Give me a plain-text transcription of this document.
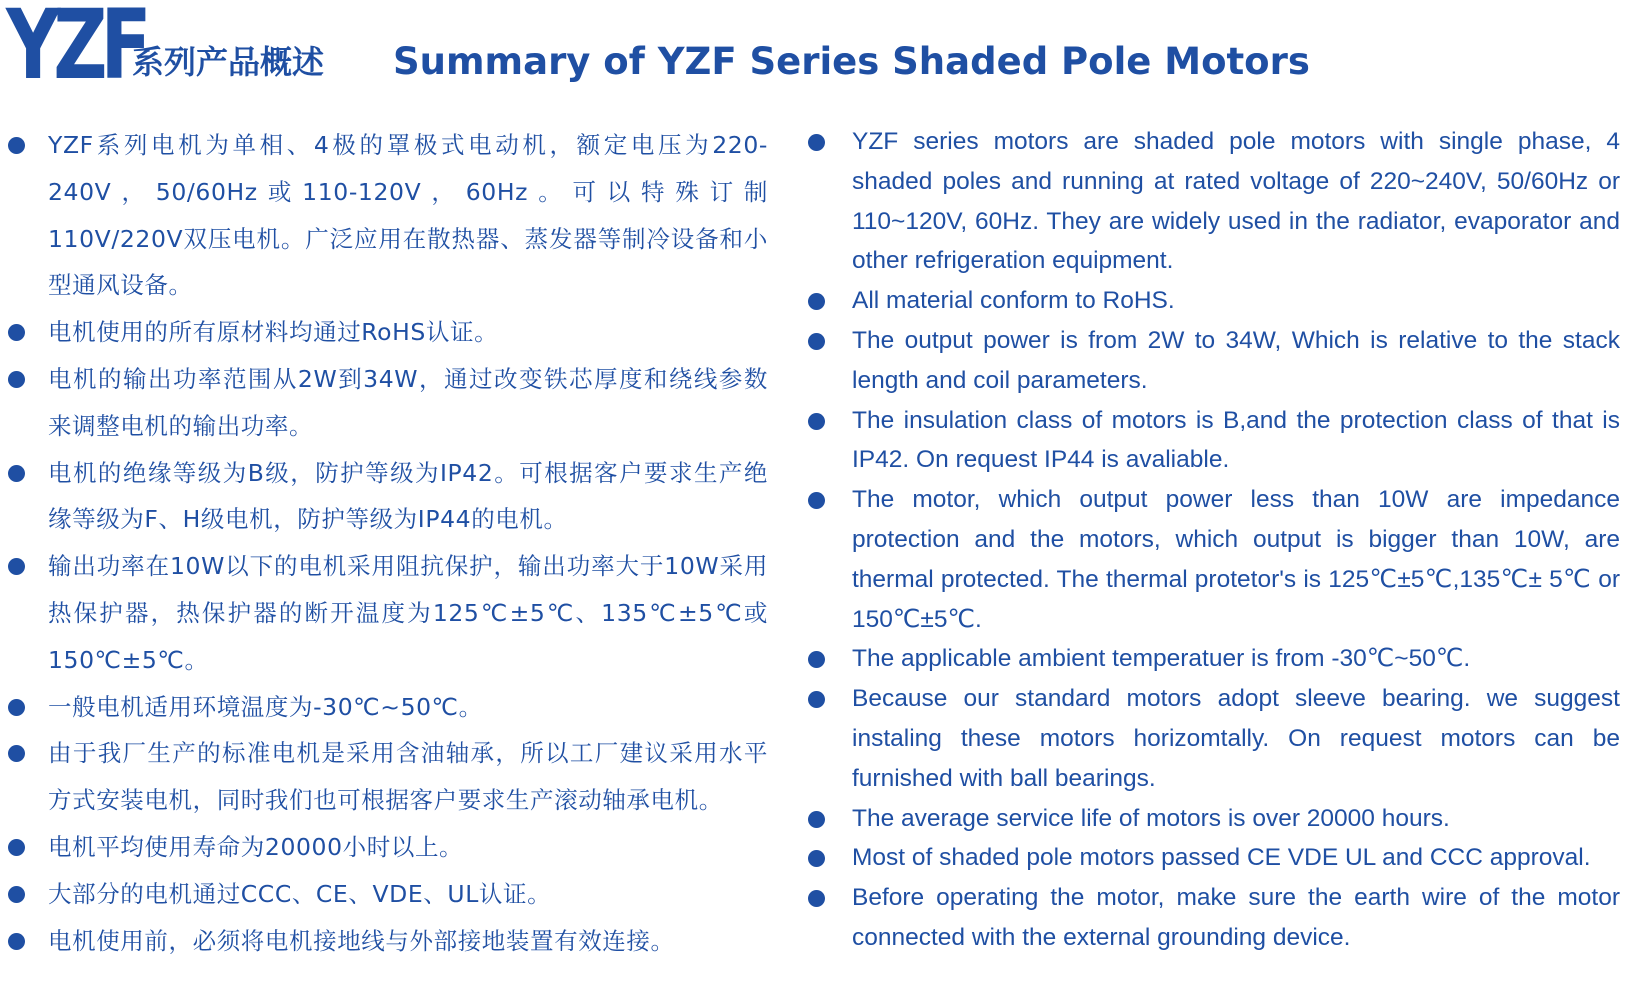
YZF
系列产品概述 Summary of YZF Series Shaded Pole Motors
YZF系列电机为单相、4极的罩极式电动机，额定电压为220-240V，50/60Hz或110-120V，60Hz。可以特殊订制110V/220V双压电机。广泛应用在散热器、蒸发器等制冷设备和小型通风设备。
电机使用的所有原材料均通过RoHS认证。
电机的输出功率范围从2W到34W，通过改变铁芯厚度和绕线参数来调整电机的输出功率。
电机的绝缘等级为B级，防护等级为IP42。可根据客户要求生产绝缘等级为F、H级电机，防护等级为IP44的电机。
输出功率在10W以下的电机采用阻抗保护，输出功率大于10W采用热保护器，热保护器的断开温度为125℃±5℃、135℃±5℃或150℃±5℃。
一般电机适用环境温度为-30℃~50℃。
由于我厂生产的标准电机是采用含油轴承，所以工厂建议采用水平方式安装电机，同时我们也可根据客户要求生产滚动轴承电机。
电机平均使用寿命为20000小时以上。
大部分的电机通过CCC、CE、VDE、UL认证。
电机使用前，必须将电机接地线与外部接地装置有效连接。
YZF series motors are shaded pole motors with single phase, 4 shaded poles and running at rated voltage of 220~240V, 50/60Hz or 110~120V, 60Hz. They are widely used in the radiator, evaporator and other refrigeration equipment.
All material conform to RoHS.
The output power is from 2W to 34W, Which is relative to the stack length and coil parameters.
The insulation class of motors is B,and the protection class of that is IP42. On request IP44 is avaliable.
The motor, which output power less than 10W are impedance protection and the motors, which output is bigger than 10W, are thermal protected. The thermal protetor's is 125℃±5℃,135℃± 5℃ or 150℃±5℃.
The applicable ambient temperatuer is from -30℃~50℃.
Because our standard motors adopt sleeve bearing. we suggest instaling these motors horizomtally. On request motors can be furnished with ball bearings.
The average service life of motors is over 20000 hours.
Most of shaded pole motors passed CE VDE UL and CCC approval.
Before operating the motor, make sure the earth wire of the motor connected with the external grounding device.
